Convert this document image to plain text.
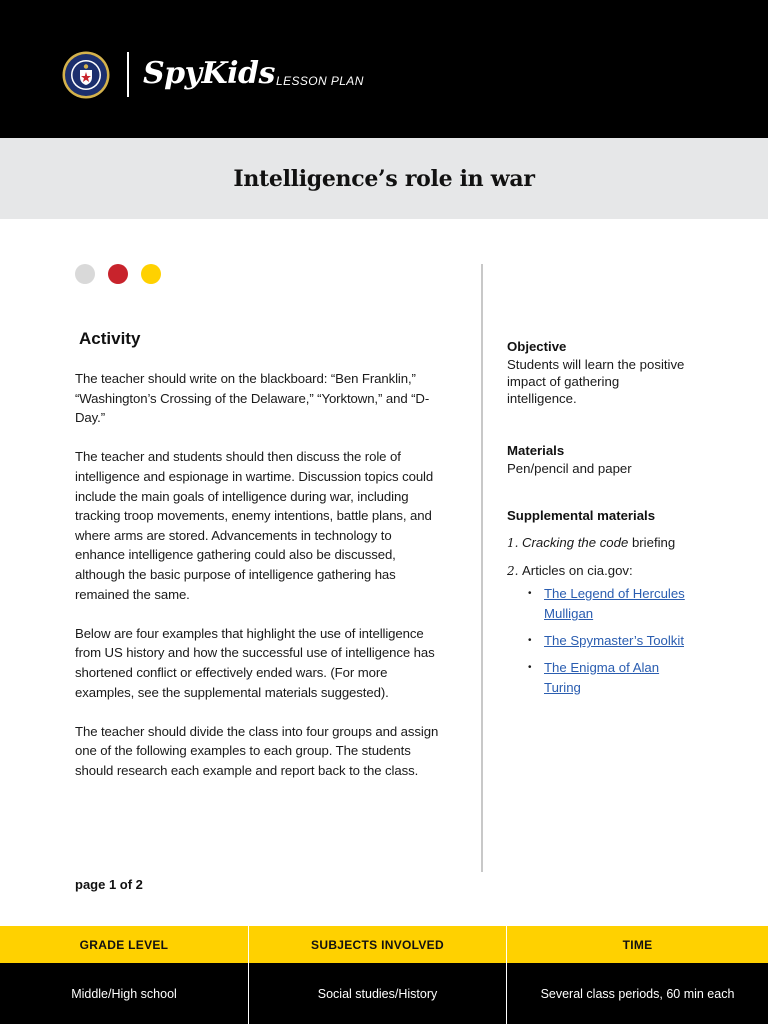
SpyKids LESSON PLAN
Intelligence’s role in war
Activity

The teacher should write on the blackboard: “Ben Franklin,” “Washington’s Crossing of the Delaware,” “Yorktown,” and “D-Day.”

The teacher and students should then discuss the role of intelligence and espionage in wartime. Discussion topics could include the main goals of intelligence during war, including tracking troop movements, enemy intentions, battle plans, and where arms are stored. Advancements in technology to enhance intelligence gathering could also be discussed, although the basic purpose of intelligence gathering has remained the same.

Below are four examples that highlight the use of intelligence from US history and how the successful use of intelligence has shortened conflict or effectively ended wars. (For more examples, see the supplemental materials suggested).

The teacher should divide the class into four groups and assign one of the following examples to each group. The students should research each example and report back to the class.

page 1 of 2
Objective
Students will learn the positive impact of gathering intelligence.
Materials
Pen/pencil and paper
Supplemental materials
1. Cracking the code briefing
2. Articles on cia.gov:
• The Legend of Hercules Mulligan
• The Spymaster’s Toolkit
• The Enigma of Alan Turing
GRADE LEVEL	SUBJECTS INVOLVED	TIME
Middle/High school	Social studies/History	Several class periods, 60 min each
